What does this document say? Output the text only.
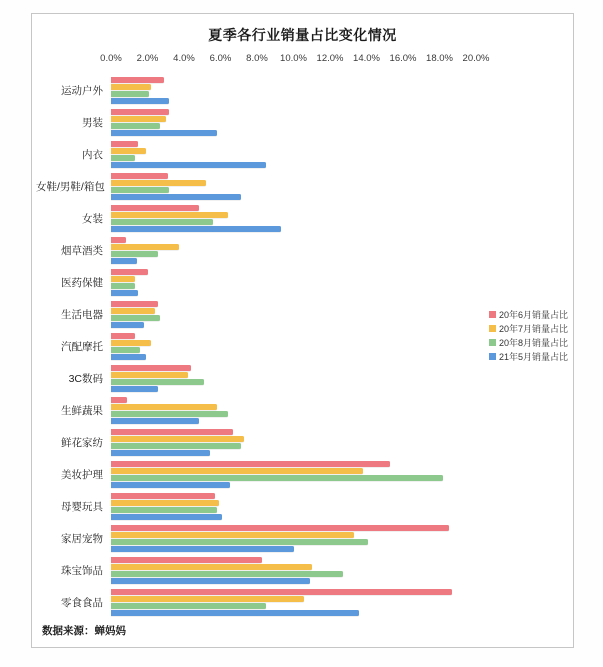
夏季各行业销量占比变化情况
0.0% 2.0% 4.0% 6.0% 8.0% 10.0% 12.0% 14.0% 16.0% 18.0% 20.0%
运动户外
男装
内衣
女鞋/男鞋/箱包
女装
烟草酒类
医药保健
生活电器
汽配摩托
3C数码
生鲜蔬果
鲜花家纺
美妆护理
母婴玩具
家居宠物
珠宝饰品
零食食品
20年6月销量占比
20年7月销量占比
20年8月销量占比
21年5月销量占比
数据来源：蝉妈妈
